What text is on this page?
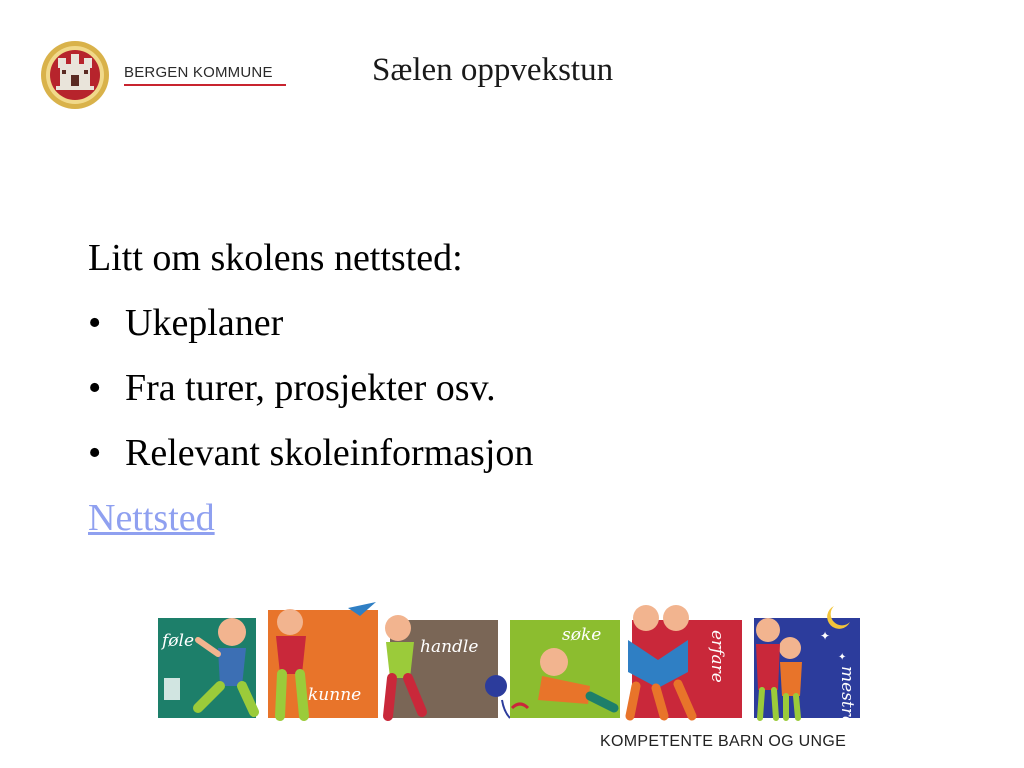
BERGEN KOMMUNE	Sælen oppvekstun
Litt om skolens nettsted:
• Ukeplaner
• Fra turer, prosjekter osv.
• Relevant skoleinformasjon
Nettsted
føle
kunne
handle
søke	erfare	✦
✦
mestre
KOMPETENTE BARN OG UNGE
